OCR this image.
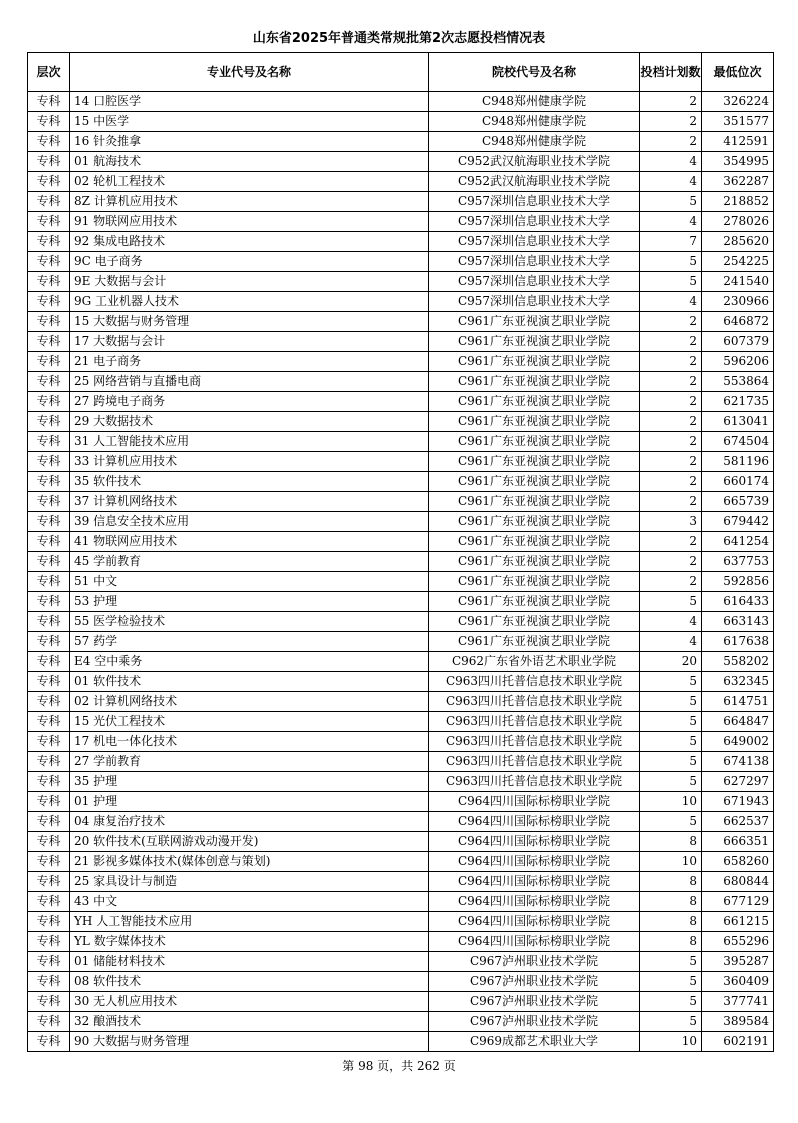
山东省2025年普通类常规批第2次志愿投档情况表
层次	专业代号及名称	院校代号及名称	投档计划数	最低位次
专科	14 口腔医学	C948郑州健康学院	2	326224
专科	15 中医学	C948郑州健康学院	2	351577
专科	16 针灸推拿	C948郑州健康学院	2	412591
专科	01 航海技术	C952武汉航海职业技术学院	4	354995
专科	02 轮机工程技术	C952武汉航海职业技术学院	4	362287
专科	8Z 计算机应用技术	C957深圳信息职业技术大学	5	218852
专科	91 物联网应用技术	C957深圳信息职业技术大学	4	278026
专科	92 集成电路技术	C957深圳信息职业技术大学	7	285620
专科	9C 电子商务	C957深圳信息职业技术大学	5	254225
专科	9E 大数据与会计	C957深圳信息职业技术大学	5	241540
专科	9G 工业机器人技术	C957深圳信息职业技术大学	4	230966
专科	15 大数据与财务管理	C961广东亚视演艺职业学院	2	646872
专科	17 大数据与会计	C961广东亚视演艺职业学院	2	607379
专科	21 电子商务	C961广东亚视演艺职业学院	2	596206
专科	25 网络营销与直播电商	C961广东亚视演艺职业学院	2	553864
专科	27 跨境电子商务	C961广东亚视演艺职业学院	2	621735
专科	29 大数据技术	C961广东亚视演艺职业学院	2	613041
专科	31 人工智能技术应用	C961广东亚视演艺职业学院	2	674504
专科	33 计算机应用技术	C961广东亚视演艺职业学院	2	581196
专科	35 软件技术	C961广东亚视演艺职业学院	2	660174
专科	37 计算机网络技术	C961广东亚视演艺职业学院	2	665739
专科	39 信息安全技术应用	C961广东亚视演艺职业学院	3	679442
专科	41 物联网应用技术	C961广东亚视演艺职业学院	2	641254
专科	45 学前教育	C961广东亚视演艺职业学院	2	637753
专科	51 中文	C961广东亚视演艺职业学院	2	592856
专科	53 护理	C961广东亚视演艺职业学院	5	616433
专科	55 医学检验技术	C961广东亚视演艺职业学院	4	663143
专科	57 药学	C961广东亚视演艺职业学院	4	617638
专科	E4 空中乘务	C962广东省外语艺术职业学院	20	558202
专科	01 软件技术	C963四川托普信息技术职业学院	5	632345
专科	02 计算机网络技术	C963四川托普信息技术职业学院	5	614751
专科	15 光伏工程技术	C963四川托普信息技术职业学院	5	664847
专科	17 机电一体化技术	C963四川托普信息技术职业学院	5	649002
专科	27 学前教育	C963四川托普信息技术职业学院	5	674138
专科	35 护理	C963四川托普信息技术职业学院	5	627297
专科	01 护理	C964四川国际标榜职业学院	10	671943
专科	04 康复治疗技术	C964四川国际标榜职业学院	5	662537
专科	20 软件技术(互联网游戏动漫开发)	C964四川国际标榜职业学院	8	666351
专科	21 影视多媒体技术(媒体创意与策划)	C964四川国际标榜职业学院	10	658260
专科	25 家具设计与制造	C964四川国际标榜职业学院	8	680844
专科	43 中文	C964四川国际标榜职业学院	8	677129
专科	YH 人工智能技术应用	C964四川国际标榜职业学院	8	661215
专科	YL 数字媒体技术	C964四川国际标榜职业学院	8	655296
专科	01 储能材料技术	C967泸州职业技术学院	5	395287
专科	08 软件技术	C967泸州职业技术学院	5	360409
专科	30 无人机应用技术	C967泸州职业技术学院	5	377741
专科	32 酿酒技术	C967泸州职业技术学院	5	389584
专科	90 大数据与财务管理	C969成都艺术职业大学	10	602191
第 98 页，共 262 页
